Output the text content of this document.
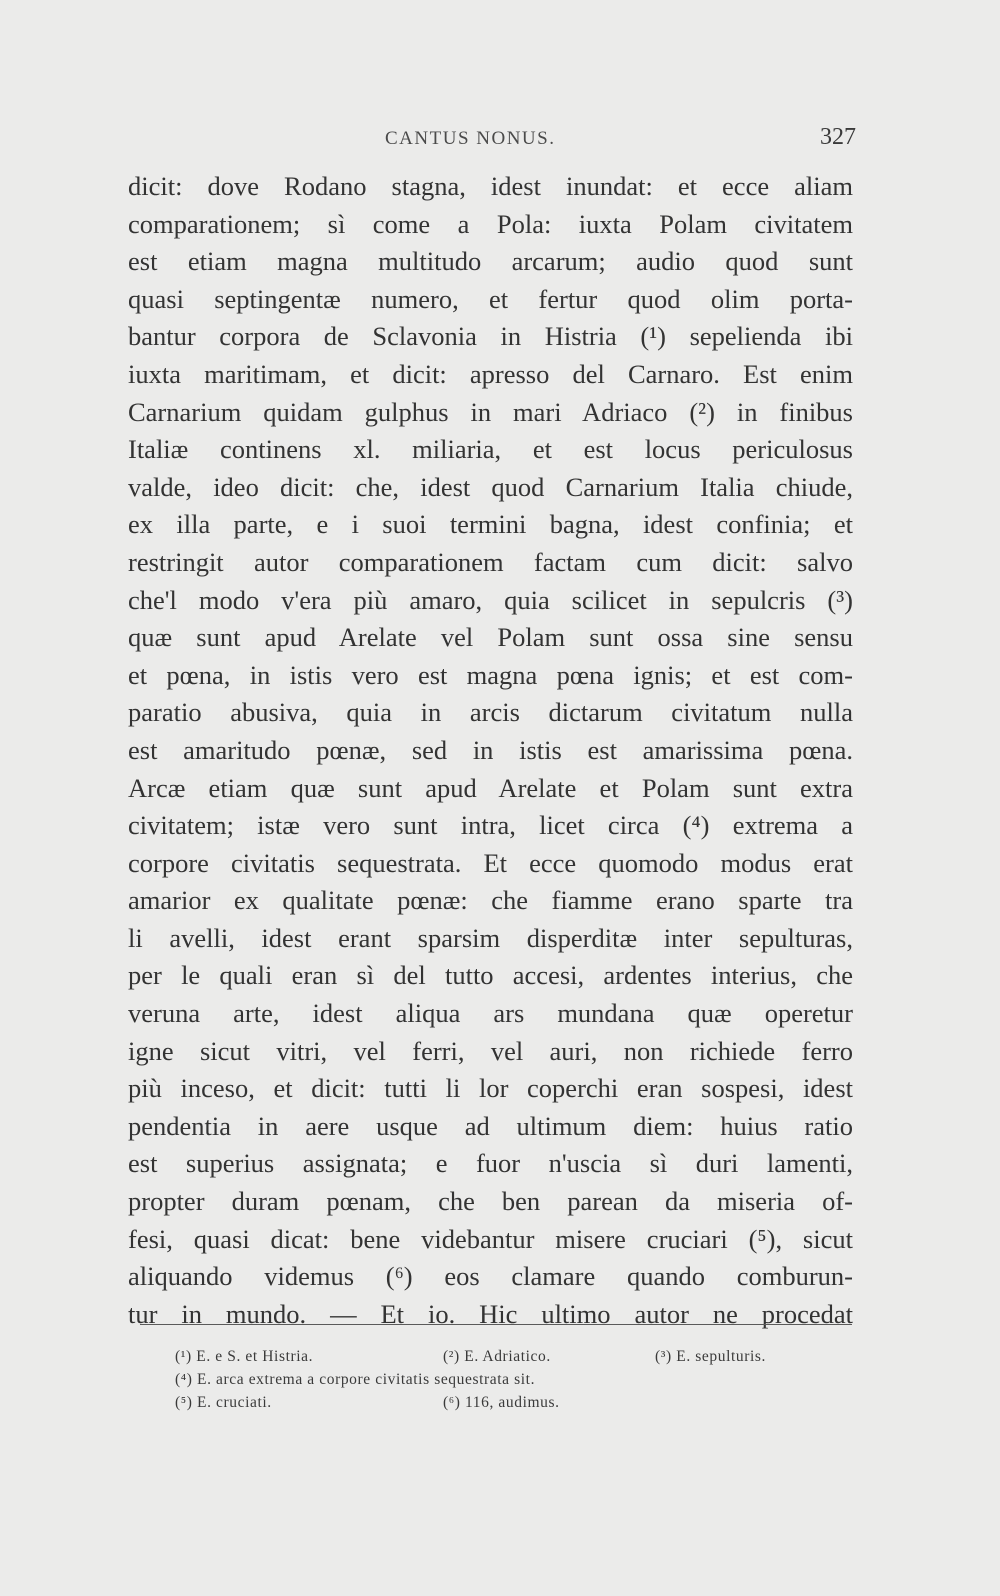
CANTUS NONUS.	327
dicit: dove Rodano stagna, idest inundat: et ecce aliam
comparationem; sì come a Pola: iuxta Polam civitatem
est etiam magna multitudo arcarum; audio quod sunt
quasi septingentæ numero, et fertur quod olim porta-
bantur corpora de Sclavonia in Histria (¹) sepelienda ibi
iuxta maritimam, et dicit: apresso del Carnaro. Est enim
Carnarium quidam gulphus in mari Adriaco (²) in finibus
Italiæ continens xl. miliaria, et est locus periculosus
valde, ideo dicit: che, idest quod Carnarium Italia chiude,
ex illa parte, e i suoi termini bagna, idest confinia; et
restringit autor comparationem factam cum dicit: salvo
che'l modo v'era più amaro, quia scilicet in sepulcris (³)
quæ sunt apud Arelate vel Polam sunt ossa sine sensu
et pœna, in istis vero est magna pœna ignis; et est com-
paratio abusiva, quia in arcis dictarum civitatum nulla
est amaritudo pœnæ, sed in istis est amarissima pœna.
Arcæ etiam quæ sunt apud Arelate et Polam sunt extra
civitatem; istæ vero sunt intra, licet circa (⁴) extrema a
corpore civitatis sequestrata. Et ecce quomodo modus erat
amarior ex qualitate pœnæ: che fiamme erano sparte tra
li avelli, idest erant sparsim disperditæ inter sepulturas,
per le quali eran sì del tutto accesi, ardentes interius, che
veruna arte, idest aliqua ars mundana quæ operetur
igne sicut vitri, vel ferri, vel auri, non richiede ferro
più inceso, et dicit: tutti li lor coperchi eran sospesi, idest
pendentia in aere usque ad ultimum diem: huius ratio
est superius assignata; e fuor n'uscia sì duri lamenti,
propter duram pœnam, che ben parean da miseria of-
fesi, quasi dicat: bene videbantur misere cruciari (⁵), sicut
aliquando videmus (⁶) eos clamare quando comburun-
tur in mundo. — Et io. Hic ultimo autor ne procedat
(¹) E. e S. et Histria.	(²) E. Adriatico.	(³) E. sepulturis.
(⁴) E. arca extrema a corpore civitatis sequestrata sit.
(⁵) E. cruciati.	(⁶) 116, audimus.
